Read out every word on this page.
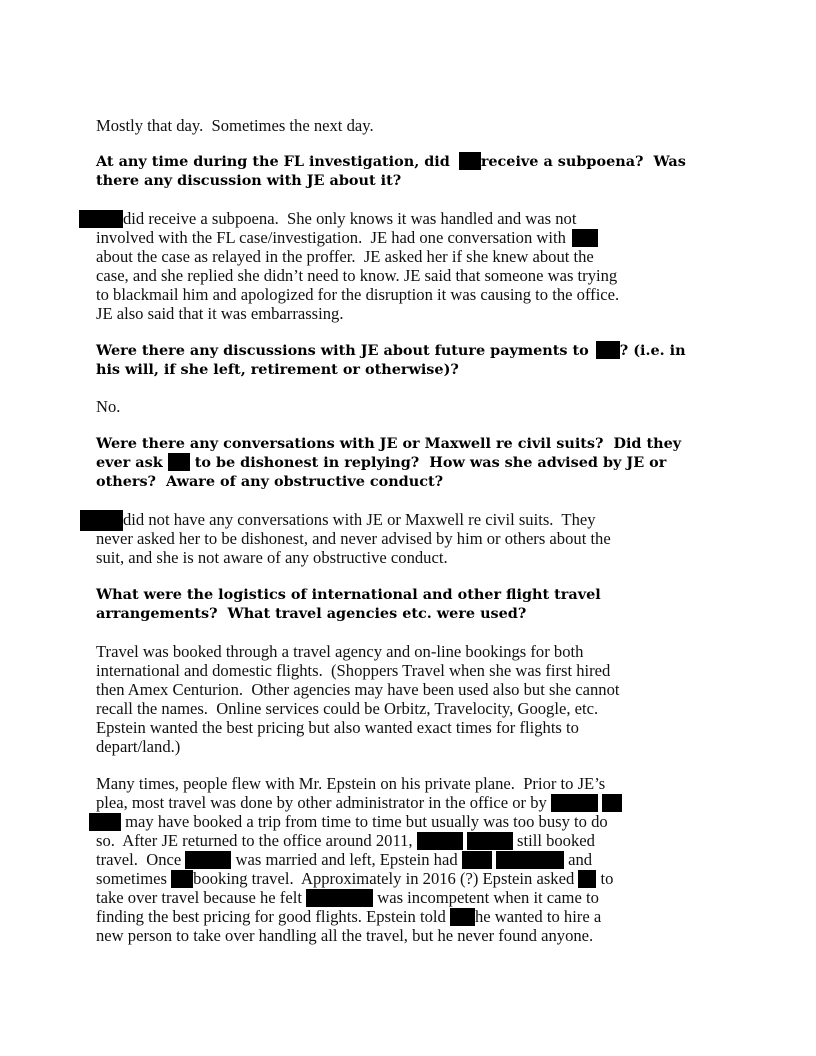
Mostly that day.  Sometimes the next day.
At any time during the FL investigation, did receive a subpoena?  Was
there any discussion with JE about it?
did receive a subpoena.  She only knows it was handled and was not
involved with the FL case/investigation.  JE had one conversation with
about the case as relayed in the proffer.  JE asked her if she knew about the
case, and she replied she didn’t need to know. JE said that someone was trying
to blackmail him and apologized for the disruption it was causing to the office.
JE also said that it was embarrassing.
Were there any discussions with JE about future payments to ? (i.e. in
his will, if she left, retirement or otherwise)?
No.
Were there any conversations with JE or Maxwell re civil suits?  Did they
ever ask  to be dishonest in replying?  How was she advised by JE or
others?  Aware of any obstructive conduct?
did not have any conversations with JE or Maxwell re civil suits.  They
never asked her to be dishonest, and never advised by him or others about the
suit, and she is not aware of any obstructive conduct.
What were the logistics of international and other flight travel
arrangements?  What travel agencies etc. were used?
Travel was booked through a travel agency and on-line bookings for both
international and domestic flights.  (Shoppers Travel when she was first hired
then Amex Centurion.  Other agencies may have been used also but she cannot
recall the names.  Online services could be Orbitz, Travelocity, Google, etc.
Epstein wanted the best pricing but also wanted exact times for flights to
depart/land.)
Many times, people flew with Mr. Epstein on his private plane.  Prior to JE’s
plea, most travel was done by other administrator in the office or by
may have booked a trip from time to time but usually was too busy to do
so.  After JE returned to the office around 2011,	still booked
travel.  Once	was married and left, Epstein had	and
sometimes booking travel.  Approximately in 2016 (?) Epstein asked  to
take over travel because he felt	was incompetent when it came to
finding the best pricing for good flights. Epstein told he wanted to hire a
new person to take over handling all the travel, but he never found anyone.
